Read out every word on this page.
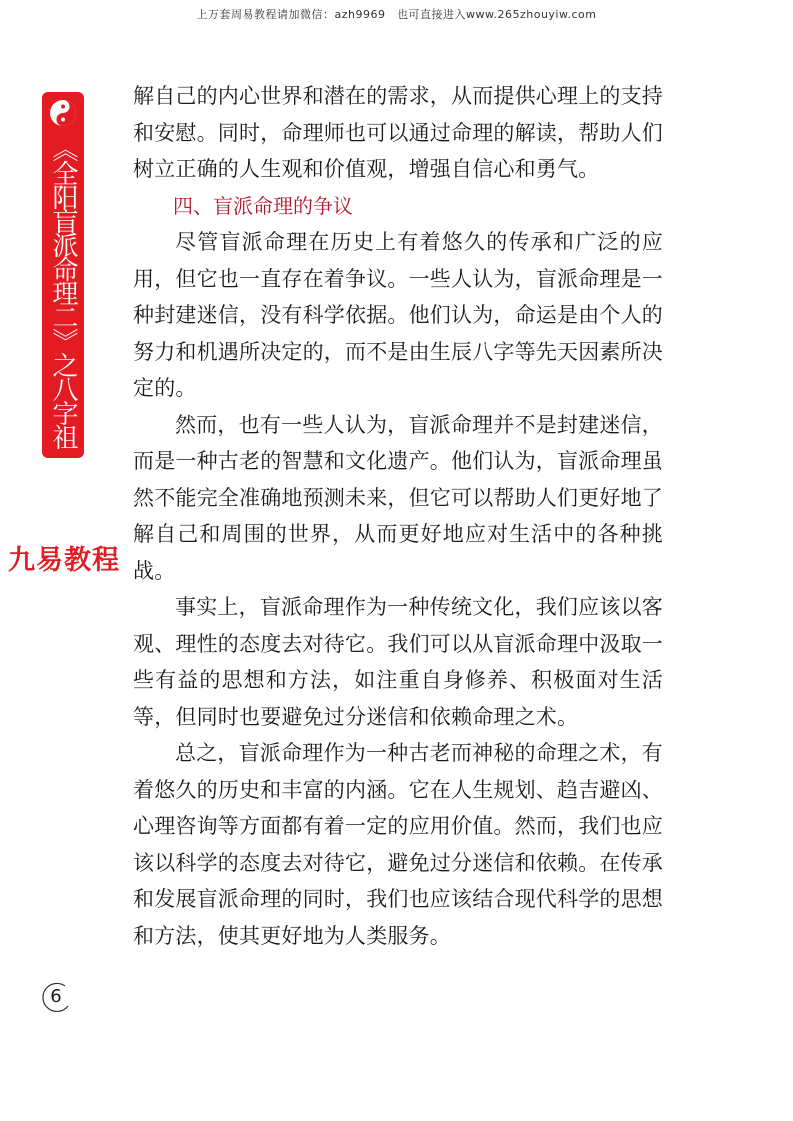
上万套周易教程请加微信：azh9969　也可直接进入www.265zhouyiw.com
《全阳盲派命理二》之八字祖师

解自己的内心世界和潜在的需求，从而提供心理上的支持和安慰。同时，命理师也可以通过命理的解读，帮助人们树立正确的人生观和价值观，增强自信心和勇气。

四、盲派命理的争议

尽管盲派命理在历史上有着悠久的传承和广泛的应用，但它也一直存在着争议。一些人认为，盲派命理是一种封建迷信，没有科学依据。他们认为，命运是由个人的努力和机遇所决定的，而不是由生辰八字等先天因素所决定的。

然而，也有一些人认为，盲派命理并不是封建迷信，而是一种古老的智慧和文化遗产。他们认为，盲派命理虽然不能完全准确地预测未来，但它可以帮助人们更好地了解自己和周围的世界，从而更好地应对生活中的各种挑战。

事实上，盲派命理作为一种传统文化，我们应该以客观、理性的态度去对待它。我们可以从盲派命理中汲取一些有益的思想和方法，如注重自身修养、积极面对生活等，但同时也要避免过分迷信和依赖命理之术。

总之，盲派命理作为一种古老而神秘的命理之术，有着悠久的历史和丰富的内涵。它在人生规划、趋吉避凶、心理咨询等方面都有着一定的应用价值。然而，我们也应该以科学的态度去对待它，避免过分迷信和依赖。在传承和发展盲派命理的同时，我们也应该结合现代科学的思想和方法，使其更好地为人类服务。

九易教程
6
